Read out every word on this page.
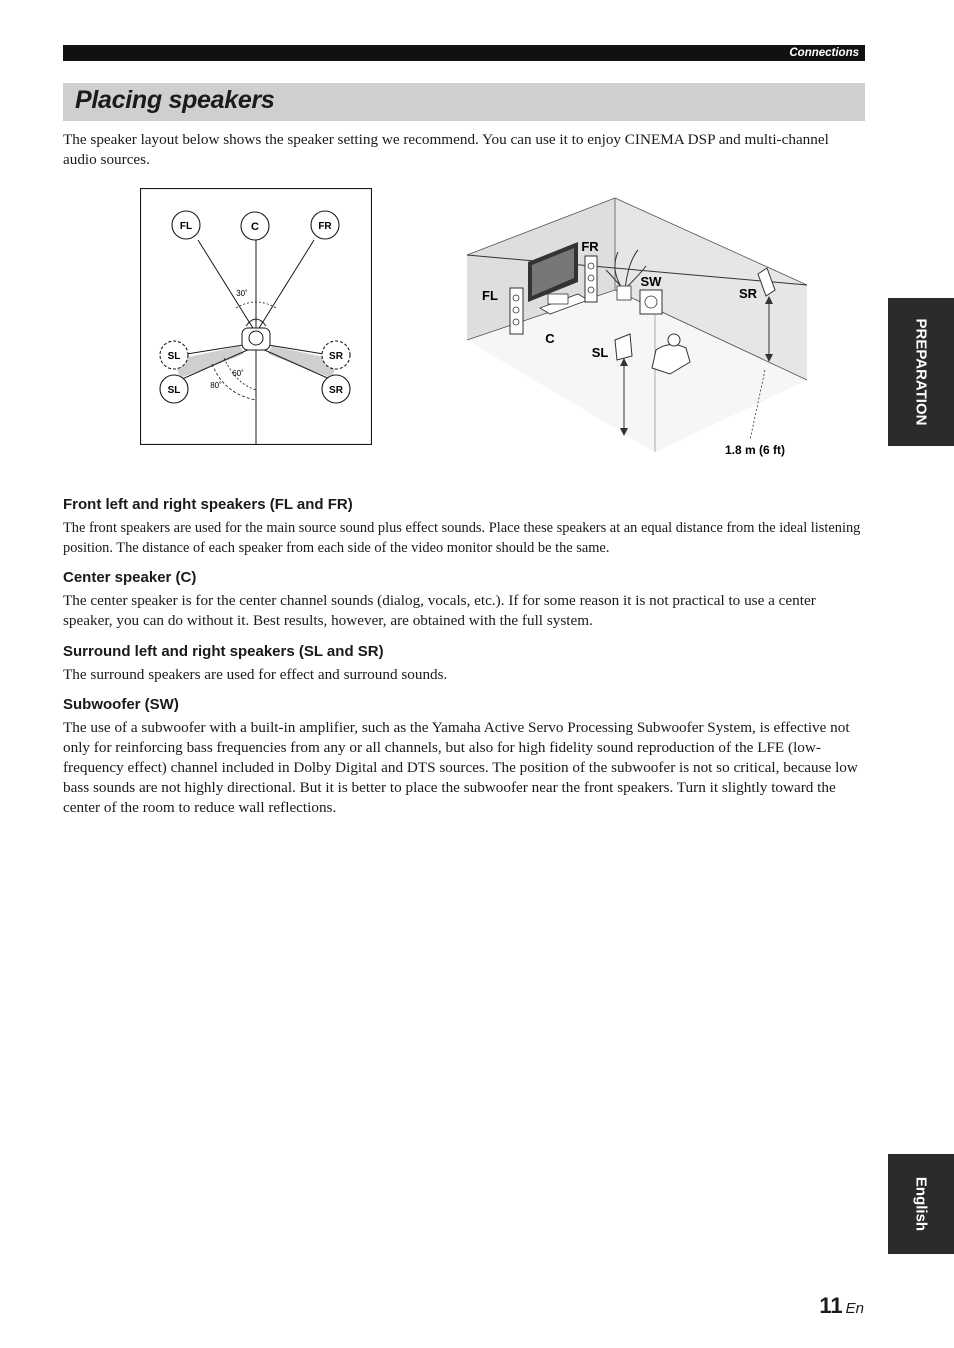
Connections
Placing speakers

The speaker layout below shows the speaker setting we recommend. You can use it to enjoy CINEMA DSP and multi-channel audio sources.

FL	C	FR
SL	SR
SL	SR
30˚
60˚
80˚
FL
FR
C
SW
SL
SR
1.8 m (6 ft)
Front left and right speakers (FL and FR)

The front speakers are used for the main source sound plus effect sounds. Place these speakers at an equal distance from the ideal listening position. The distance of each speaker from each side of the video monitor should be the same.

Center speaker (C)

The center speaker is for the center channel sounds (dialog, vocals, etc.). If for some reason it is not practical to use a center speaker, you can do without it. Best results, however, are obtained with the full system.

Surround left and right speakers (SL and SR)

The surround speakers are used for effect and surround sounds.

Subwoofer (SW)

The use of a subwoofer with a built-in amplifier, such as the Yamaha Active Servo Processing Subwoofer System, is effective not only for reinforcing bass frequencies from any or all channels, but also for high fidelity sound reproduction of the LFE (low-frequency effect) channel included in Dolby Digital and DTS sources. The position of the subwoofer is not so critical, because low bass sounds are not highly directional. But it is better to place the subwoofer near the front speakers. Turn it slightly toward the center of the room to reduce wall reflections.

PREPARATION
English
11 En
